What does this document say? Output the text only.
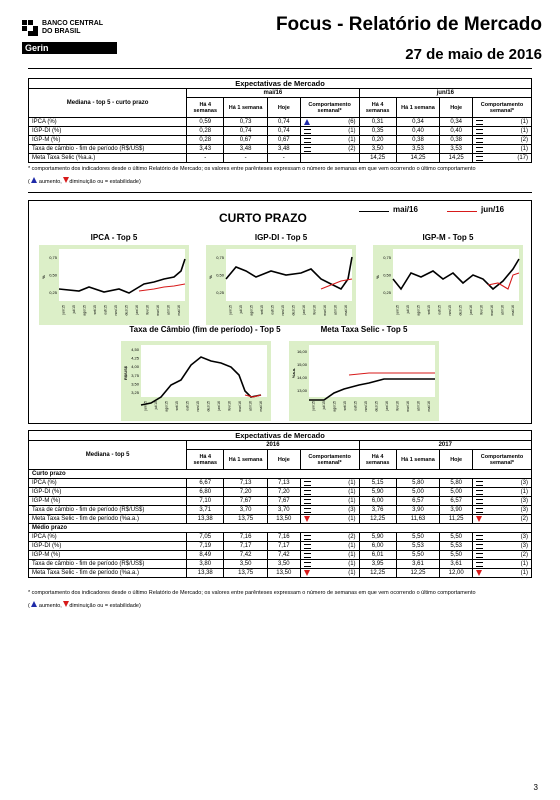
BANCO CENTRAL
DO BRASIL
Gerin
Focus - Relatório de Mercado
27 de maio de 2016
Expectativas de Mercado								
Mediana - top 5 - curto prazo	mai/16				jun/16			
	Há 4 semanas	Há 1 semana	Hoje	Comportamento semanal*	Há 4 semanas	Há 1 semana	Hoje	Comportamento semanal*
IPCA (%)	0,59	0,73	0,74	(6)	0,31	0,34	0,34	(1)

IGP-DI (%)	0,28	0,74	0,74	(1)	0,35	0,40	0,40	(1)

IGP-M (%)	0,28	0,67	0,67	(1)	0,20	0,38	0,38	(2)

Taxa de câmbio - fim de período (R$/US$)	3,43	3,48	3,48	(2)	3,50	3,53	3,53	(1)

Meta Taxa Selic (%a.a.)	-	-	-		14,25	14,25	14,25	(17)
* comportamento dos indicadores desde o último Relatório de Mercado; os valores entre parênteses expressam o número de semanas em que vem ocorrendo o último comportamento
( aumento, diminuição ou = estabilidade)
CURTO PRAZO
mai/16	jun/16
0,75
0,50
0,25
%
jun/15 jul/15 ago/15 set/15 out/15 nov/15 dez/15 jan/16 fev/16 mar/16 abr/16 mai/16
0,75
0,50
0,25
%
jun/15 jul/15 ago/15 set/15 out/15 nov/15 dez/15 jan/16 fev/16 mar/16 abr/16 mai/16
0,75
0,50
0,25
%
jun/15 jul/15 ago/15 set/15 out/15 nov/15 dez/15 jan/16 fev/16 mar/16 abr/16 mai/16
4,50
4,25
4,00
3,75
3,50
3,25
R$/US$
jun/15 jul/15 ago/15 set/15 out/15 nov/15 dez/15 jan/16 fev/16 mar/16 abr/16 mai/16
16,00
15,00
14,00
13,00
%a.a.
jun/15 jul/15 ago/15 set/15 out/15 nov/15 dez/15 jan/16 fev/16 mar/16 abr/16 mai/16
IPCA - Top 5	IGP-DI - Top 5	IGP-M - Top 5
Taxa de Câmbio (fim de período) - Top 5	Meta Taxa Selic - Top 5
Expectativas de Mercado								
Mediana - top 5	2016				2017			
	Há 4 semanas	Há 1 semana	Hoje	Comportamento semanal*	Há 4 semanas	Há 1 semana	Hoje	Comportamento semanal*
Curto prazo								
IPCA (%)	6,67	7,13	7,13	(1)	5,15	5,80	5,80	(3)

IGP-DI (%)	6,80	7,20	7,20	(1)	5,90	5,00	5,00	(1)

IGP-M (%)	7,10	7,67	7,67	(1)	6,00	6,57	6,57	(3)

Taxa de câmbio - fim de período (R$/US$)	3,71	3,70	3,70	(3)	3,76	3,90	3,90	(3)

Meta Taxa Selic - fim de período (%a.a.)	13,38	13,75	13,50	(1)	12,25	11,63	11,25	(2)

Médio prazo								
IPCA (%)	7,05	7,16	7,16	(2)	5,90	5,50	5,50	(3)

IGP-DI (%)	7,19	7,17	7,17	(1)	6,00	5,53	5,53	(3)

IGP-M (%)	8,49	7,42	7,42	(1)	6,01	5,50	5,50	(2)

Taxa de câmbio - fim de período (R$/US$)	3,80	3,50	3,50	(1)	3,95	3,61	3,61	(1)

Meta Taxa Selic - fim de período (%a.a.)	13,38	13,75	13,50	(1)	12,25	12,25	12,00	(1)
* comportamento dos indicadores desde o último Relatório de Mercado; os valores entre parênteses expressam o número de semanas em que vem ocorrendo o último comportamento
( aumento, diminuição ou = estabilidade)
3
